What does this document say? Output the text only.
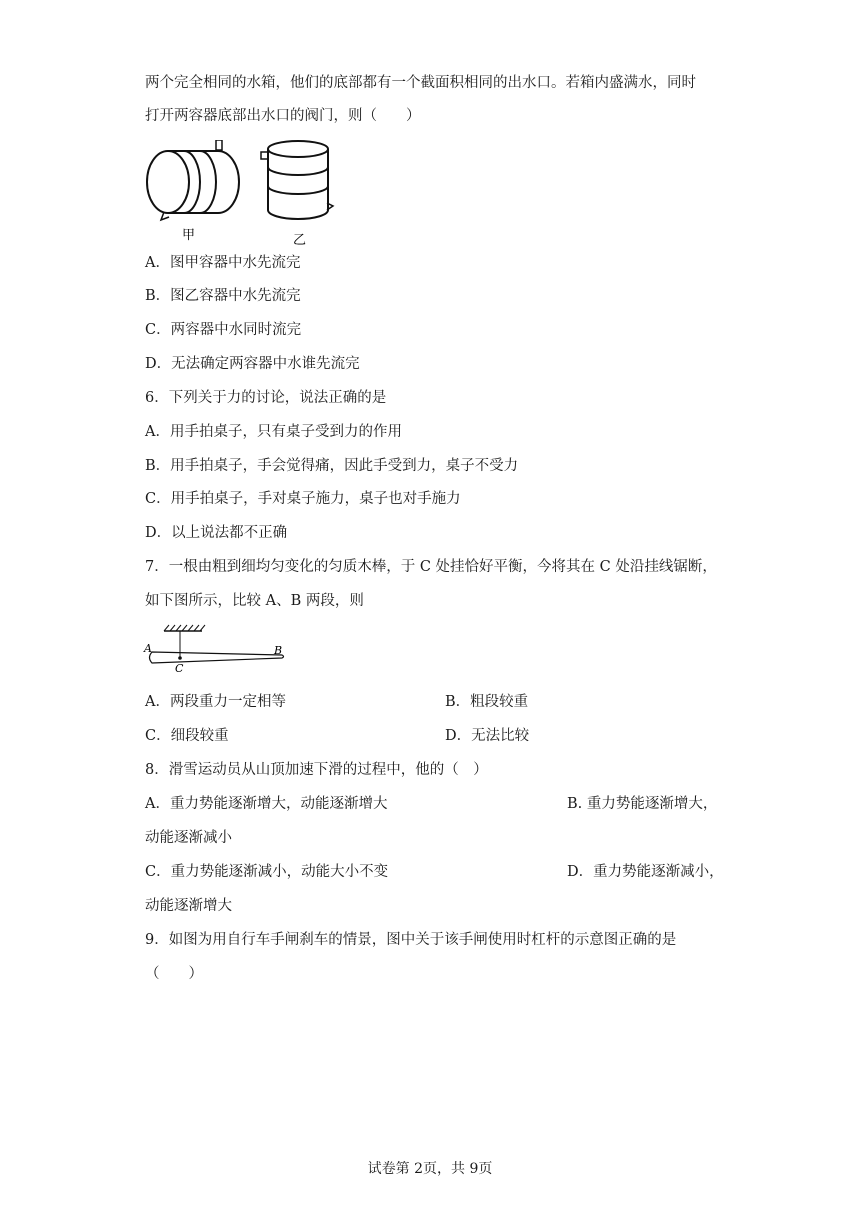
两个完全相同的水箱，他们的底部都有一个截面积相同的出水口。若箱内盛满水，同时
打开两容器底部出水口的阀门，则（　　）
甲	乙
A．图甲容器中水先流完
B．图乙容器中水先流完
C．两容器中水同时流完
D．无法确定两容器中水谁先流完
6．下列关于力的讨论，说法正确的是
A．用手拍桌子，只有桌子受到力的作用
B．用手拍桌子，手会觉得痛，因此手受到力，桌子不受力
C．用手拍桌子，手对桌子施力，桌子也对手施力
D．以上说法都不正确
7．一根由粗到细均匀变化的匀质木棒，于 C 处挂恰好平衡，今将其在 C 处沿挂线锯断，
如下图所示，比较 A、B 两段，则
A	B
C
A．两段重力一定相等	B．粗段较重
C．细段较重	D．无法比较
8．滑雪运动员从山顶加速下滑的过程中，他的（　）
A．重力势能逐渐增大，动能逐渐增大	B. 重力势能逐渐增大，
动能逐渐减小
C．重力势能逐渐减小，动能大小不变	D．重力势能逐渐减小，
动能逐渐增大
9．如图为用自行车手闸刹车的情景，图中关于该手闸使用时杠杆的示意图正确的是
（　　）
试卷第 2页，共 9页
